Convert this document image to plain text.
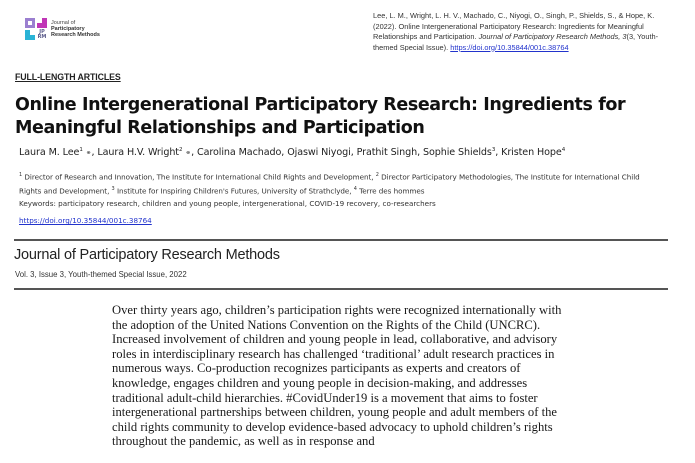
JP RM
Journal of
Participatory
Research Methods
Lee, L. M., Wright, L. H. V., Machado, C., Niyogi, O., Singh, P., Shields, S., & Hope, K. (2022). Online Intergenerational Participatory Research: Ingredients for Meaningful Relationships and Participation. Journal of Participatory Research Methods, 3(3, Youth-themed Special Issue). https://doi.org/10.35844/001c.38764
FULL-LENGTH ARTICLES
Online Intergenerational Participatory Research: Ingredients for Meaningful Relationships and Participation
Laura M. Lee$^1$ ⚭, Laura H.V. Wright$^2$ ⚭, Carolina Machado, Ojaswi Niyogi, Prathit Singh, Sophie Shields$^3$, Kristen Hope$^4$
$^1$ Director of Research and Innovation, The Institute for International Child Rights and Development, $^2$ Director Participatory Methodologies, The Institute for International Child Rights and Development, $^3$ Institute for Inspiring Children's Futures, University of Strathclyde, $^4$ Terre des hommes
Keywords: participatory research, children and young people, intergenerational, COVID-19 recovery, co-researchers
https://doi.org/10.35844/001c.38764
Journal of Participatory Research Methods
Vol. 3, Issue 3, Youth-themed Special Issue, 2022
Over thirty years ago, children’s participation rights were recognized internationally with the adoption of the United Nations Convention on the Rights of the Child (UNCRC). Increased involvement of children and young people in lead, collaborative, and advisory roles in interdisciplinary research has challenged ‘traditional’ adult research practices in numerous ways. Co-production recognizes participants as experts and creators of knowledge, engages children and young people in decision-making, and addresses traditional adult-child hierarchies. #CovidUnder19 is a movement that aims to foster intergenerational partnerships between children, young people and adult members of the child rights community to develop evidence-based advocacy to uphold children’s rights throughout the pandemic, as well as in response and
